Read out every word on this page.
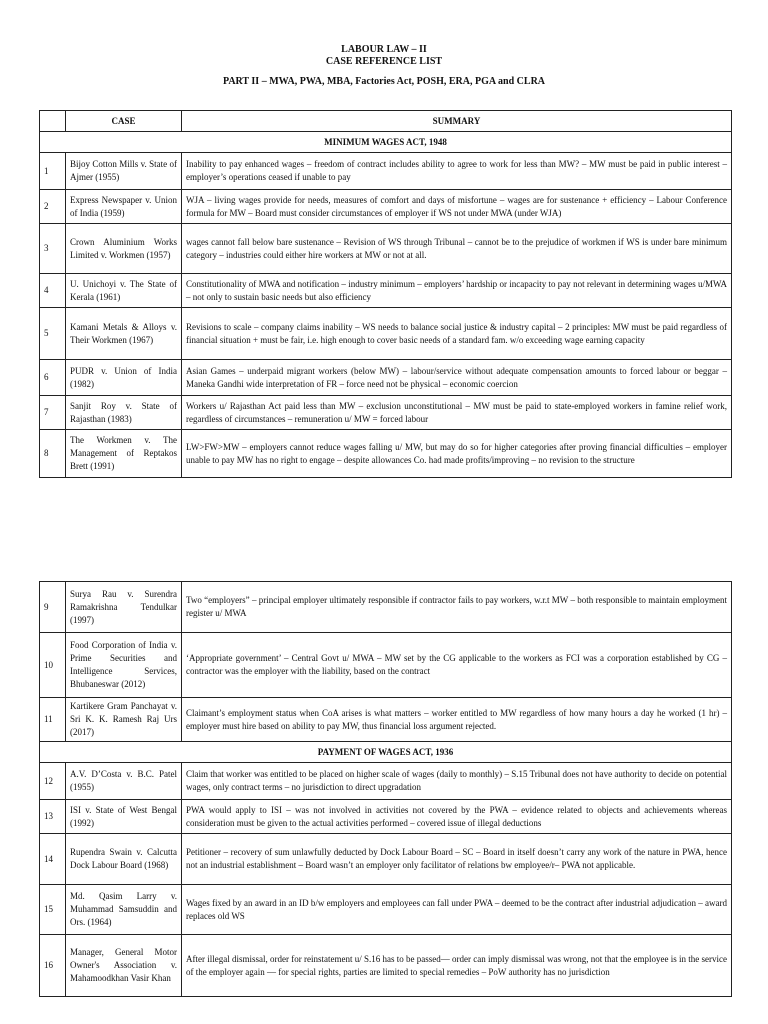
LABOUR LAW – II
CASE REFERENCE LIST
PART II – MWA, PWA, MBA, Factories Act, POSH, ERA, PGA and CLRA
	CASE	SUMMARY
MINIMUM WAGES ACT, 1948		
1	Bijoy Cotton Mills v. State of Ajmer (1955)	Inability to pay enhanced wages – freedom of contract includes ability to agree to work for less than MW? – MW must be paid in public interest – employer’s operations ceased if unable to pay
2	Express Newspaper v. Union of India (1959)	WJA – living wages provide for needs, measures of comfort and days of misfortune – wages are for sustenance + efficiency – Labour Conference formula for MW – Board must consider circumstances of employer if WS not under MWA (under WJA)
3	Crown Aluminium Works Limited v. Workmen (1957)	wages cannot fall below bare sustenance – Revision of WS through Tribunal – cannot be to the prejudice of workmen if WS is under bare minimum category – industries could either hire workers at MW or not at all.
4	U. Unichoyi v. The State of Kerala (1961)	Constitutionality of MWA and notification – industry minimum – employers’ hardship or incapacity to pay not relevant in determining wages u/MWA – not only to sustain basic needs but also efficiency
5	Kamani Metals & Alloys v. Their Workmen (1967)	Revisions to scale – company claims inability – WS needs to balance social justice & industry capital – 2 principles: MW must be paid regardless of financial situation + must be fair, i.e. high enough to cover basic needs of a standard fam. w/o exceeding wage earning capacity
6	PUDR v. Union of India (1982)	Asian Games – underpaid migrant workers (below MW) – labour/service without adequate compensation amounts to forced labour or beggar – Maneka Gandhi wide interpretation of FR – force need not be physical – economic coercion
7	Sanjit Roy v. State of Rajasthan (1983)	Workers u/ Rajasthan Act paid less than MW – exclusion unconstitutional – MW must be paid to state-employed workers in famine relief work, regardless of circumstances – remuneration u/ MW = forced labour
8	The Workmen v. The Management of Reptakos Brett (1991)	LW>FW>MW – employers cannot reduce wages falling u/ MW, but may do so for higher categories after proving financial difficulties – employer unable to pay MW has no right to engage – despite allowances Co. had made profits/improving – no revision to the structure
9	Surya Rau v. Surendra Ramakrishna Tendulkar (1997)	Two “employers” – principal employer ultimately responsible if contractor fails to pay workers, w.r.t MW – both responsible to maintain employment register u/ MWA
10	Food Corporation of India v. Prime Securities and Intelligence Services, Bhubaneswar (2012)	‘Appropriate government’ – Central Govt u/ MWA – MW set by the CG applicable to the workers as FCI was a corporation established by CG – contractor was the employer with the liability, based on the contract
11	Kartikere Gram Panchayat v. Sri K. K. Ramesh Raj Urs (2017)	Claimant’s employment status when CoA arises is what matters – worker entitled to MW regardless of how many hours a day he worked (1 hr) – employer must hire based on ability to pay MW, thus financial loss argument rejected.
PAYMENT OF WAGES ACT, 1936		
12	A.V. D’Costa v. B.C. Patel (1955)	Claim that worker was entitled to be placed on higher scale of wages (daily to monthly) – S.15 Tribunal does not have authority to decide on potential wages, only contract terms – no jurisdiction to direct upgradation
13	ISI v. State of West Bengal (1992)	PWA would apply to ISI – was not involved in activities not covered by the PWA – evidence related to objects and achievements whereas consideration must be given to the actual activities performed – covered issue of illegal deductions
14	Rupendra Swain v. Calcutta Dock Labour Board (1968)	Petitioner – recovery of sum unlawfully deducted by Dock Labour Board – SC – Board in itself doesn’t carry any work of the nature in PWA, hence not an industrial establishment – Board wasn’t an employer only facilitator of relations bw employee/r– PWA not applicable.
15	Md. Qasim Larry v. Muhammad Samsuddin and Ors. (1964)	Wages fixed by an award in an ID b/w employers and employees can fall under PWA – deemed to be the contract after industrial adjudication – award replaces old WS
16	Manager, General Motor Owner's Association v. Mahamoodkhan Vasir Khan	After illegal dismissal, order for reinstatement u/ S.16 has to be passed— order can imply dismissal was wrong, not that the employee is in the service of the employer again — for special rights, parties are limited to special remedies – PoW authority has no jurisdiction
